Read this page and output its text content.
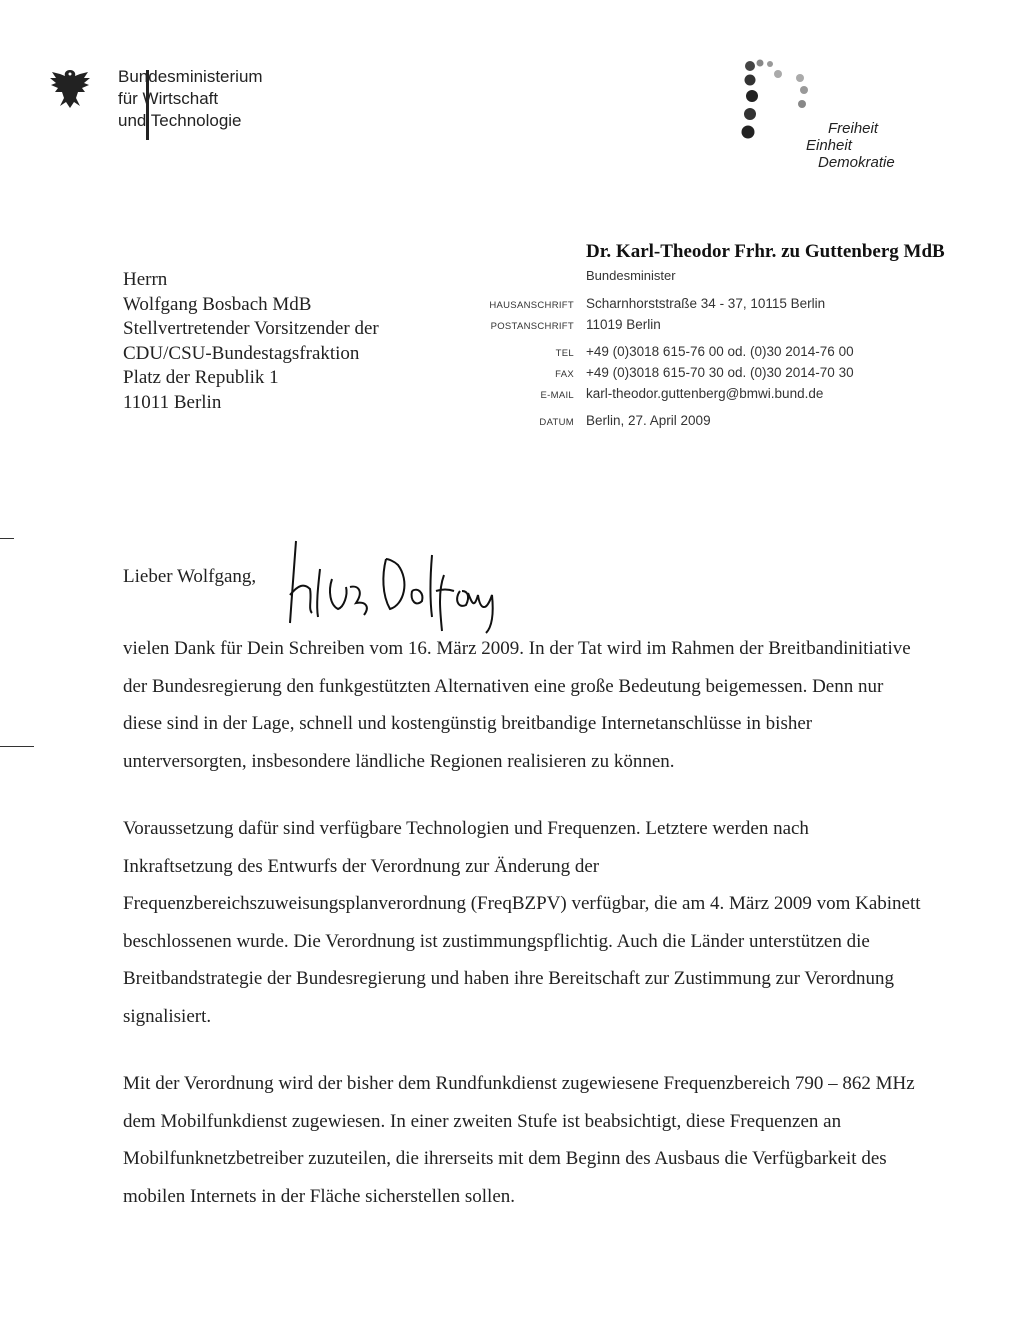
Bundesministerium
für Wirtschaft
und Technologie	Freiheit
Einheit
Demokratie
Dr. Karl-Theodor Frhr. zu Guttenberg MdB
Bundesminister
HAUSANSCHRIFT Scharnhorststraße 34 - 37, 10115 Berlin
POSTANSCHRIFT 11019 Berlin
TEL +49 (0)3018 615-76 00 od. (0)30 2014-76 00
FAX +49 (0)3018 615-70 30 od. (0)30 2014-70 30
E-MAIL karl-theodor.guttenberg@bmwi.bund.de
DATUM Berlin, 27. April 2009
Herrn
Wolfgang Bosbach MdB
Stellvertretender Vorsitzender der
CDU/CSU-Bundestagsfraktion
Platz der Republik 1
11011 Berlin
Lieber Wolfgang,

vielen Dank für Dein Schreiben vom 16. März 2009. In der Tat wird im Rahmen der Breitbandinitiative der Bundesregierung den funkgestützten Alternativen eine große Bedeutung beigemessen. Denn nur diese sind in der Lage, schnell und kostengünstig breitbandige Internetanschlüsse in bisher unterversorgten, insbesondere ländliche Regionen realisieren zu können.

Voraussetzung dafür sind verfügbare Technologien und Frequenzen. Letztere werden nach Inkraftsetzung des Entwurfs der Verordnung zur Änderung der Frequenzbereichszuweisungsplanverordnung (FreqBZPV) verfügbar, die am 4. März 2009 vom Kabinett beschlossenen wurde. Die Verordnung ist zustimmungspflichtig. Auch die Länder unterstützen die Breitbandstrategie der Bundesregierung und haben ihre Bereitschaft zur Zustimmung zur Verordnung signalisiert.

Mit der Verordnung wird der bisher dem Rundfunkdienst zugewiesene Frequenzbereich 790 – 862 MHz dem Mobilfunkdienst zugewiesen. In einer zweiten Stufe ist beabsichtigt, diese Frequenzen an Mobilfunknetzbetreiber zuzuteilen, die ihrerseits mit dem Beginn des Ausbaus die Verfügbarkeit des mobilen Internets in der Fläche sicherstellen sollen.
